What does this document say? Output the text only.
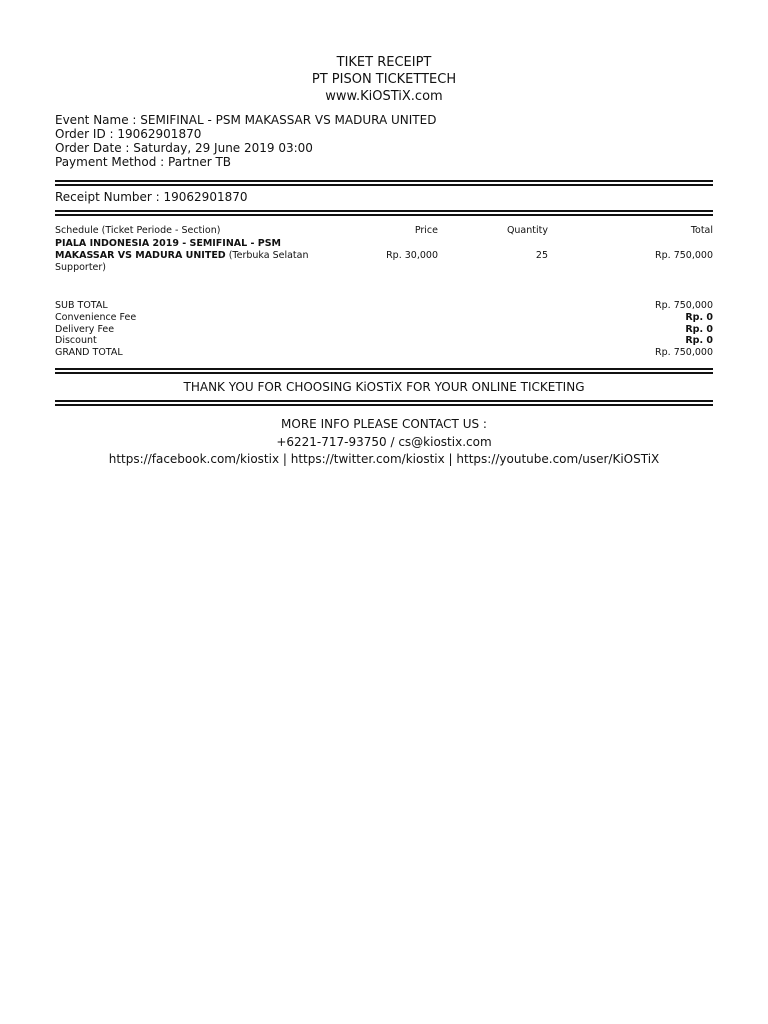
TIKET RECEIPT
PT PISON TICKETTECH
www.KiOSTiX.com
Event Name : SEMIFINAL - PSM MAKASSAR VS MADURA UNITED
Order ID : 19062901870
Order Date : Saturday, 29 June 2019 03:00
Payment Method : Partner TB
Receipt Number : 19062901870
Schedule (Ticket Periode - Section)	Price	Quantity	Total
PIALA INDONESIA 2019 - SEMIFINAL - PSM
MAKASSAR VS MADURA UNITED (Terbuka Selatan
Supporter)
Rp. 30,000	25	Rp. 750,000
SUB TOTAL	Rp. 750,000
Convenience Fee	Rp. 0
Delivery Fee	Rp. 0
Discount	Rp. 0
GRAND TOTAL	Rp. 750,000
THANK YOU FOR CHOOSING KiOSTiX FOR YOUR ONLINE TICKETING
MORE INFO PLEASE CONTACT US :
+6221-717-93750 / cs@kiostix.com
https://facebook.com/kiostix | https://twitter.com/kiostix | https://youtube.com/user/KiOSTiX
